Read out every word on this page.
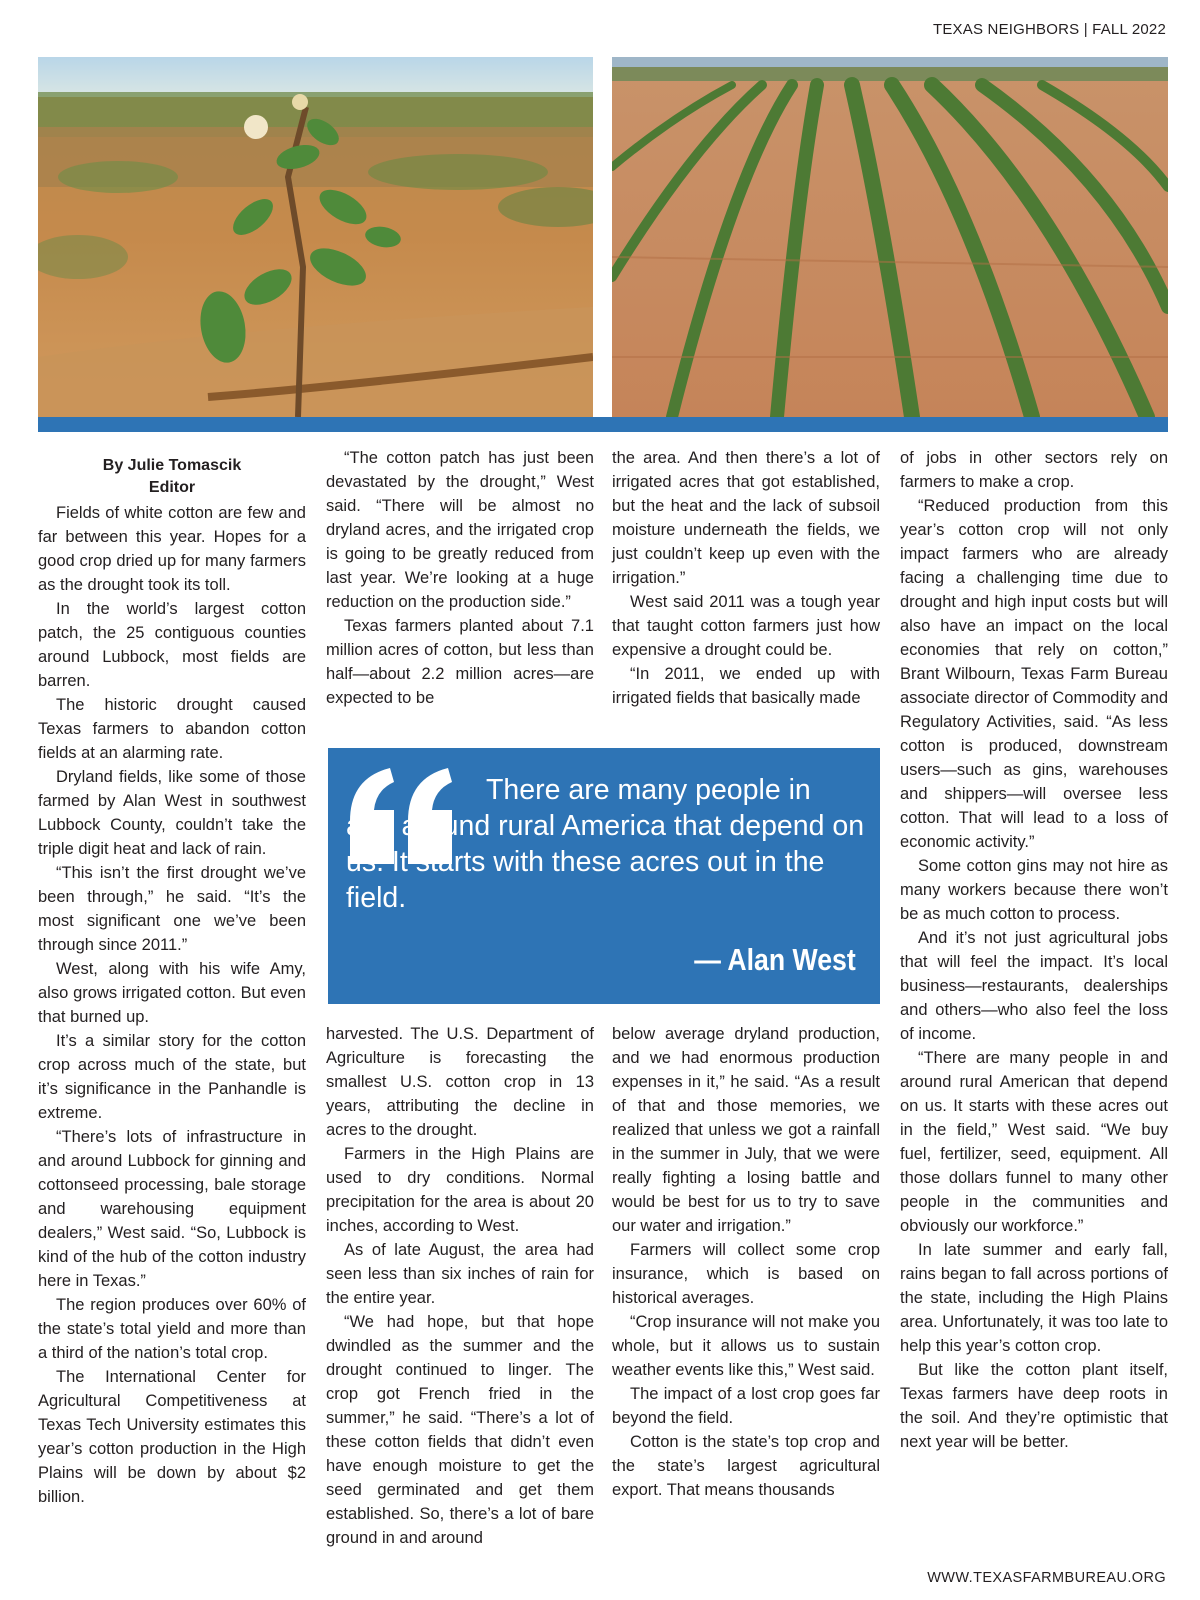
TEXAS NEIGHBORS | FALL 2022
By Julie Tomascik
Editor

Fields of white cotton are few and far between this year. Hopes for a good crop dried up for many farmers as the drought took its toll.

In the world’s largest cotton patch, the 25 contiguous counties around Lubbock, most fields are barren.

The historic drought caused Texas farmers to abandon cotton fields at an alarming rate.

Dryland fields, like some of those farmed by Alan West in southwest Lubbock County, couldn’t take the triple digit heat and lack of rain.

“This isn’t the first drought we’ve been through,” he said. “It’s the most significant one we’ve been through since 2011.”

West, along with his wife Amy, also grows irrigated cotton. But even that burned up.

It’s a similar story for the cotton crop across much of the state, but it’s significance in the Panhandle is extreme.

“There’s lots of infrastructure in and around Lubbock for ginning and cottonseed processing, bale storage and warehousing equipment dealers,” West said. “So, Lubbock is kind of the hub of the cotton industry here in Texas.”

The region produces over 60% of the state’s total yield and more than a third of the nation’s total crop.

The International Center for Agricultural Competitiveness at Texas Tech University estimates this year’s cotton production in the High Plains will be down by about $2 billion.

“The cotton patch has just been devastated by the drought,” West said. “There will be almost no dryland acres, and the irrigated crop is going to be greatly reduced from last year. We’re looking at a huge reduction on the production side.”

Texas farmers planted about 7.1 million acres of cotton, but less than half—about 2.2 million acres—are expected to be

the area. And then there’s a lot of irrigated acres that got established, but the heat and the lack of subsoil moisture underneath the fields, we just couldn’t keep up even with the irrigation.”

West said 2011 was a tough year that taught cotton farmers just how expensive a drought could be.

“In 2011, we ended up with irrigated fields that basically made

There are many people in and around rural America that depend on us. It starts with these acres out in the field.
— Alan West

harvested. The U.S. Department of Agriculture is forecasting the smallest U.S. cotton crop in 13 years, attributing the decline in acres to the drought.

Farmers in the High Plains are used to dry conditions. Normal precipitation for the area is about 20 inches, according to West.

As of late August, the area had seen less than six inches of rain for the entire year.

“We had hope, but that hope dwindled as the summer and the drought continued to linger. The crop got French fried in the summer,” he said. “There’s a lot of these cotton fields that didn’t even have enough moisture to get the seed germinated and get them established. So, there’s a lot of bare ground in and around

below average dryland production, and we had enormous production expenses in it,” he said. “As a result of that and those memories, we realized that unless we got a rainfall in the summer in July, that we were really fighting a losing battle and would be best for us to try to save our water and irrigation.”

Farmers will collect some crop insurance, which is based on historical averages.

“Crop insurance will not make you whole, but it allows us to sustain weather events like this,” West said.

The impact of a lost crop goes far beyond the field.

Cotton is the state’s top crop and the state’s largest agricultural export. That means thousands

of jobs in other sectors rely on farmers to make a crop.

“Reduced production from this year’s cotton crop will not only impact farmers who are already facing a challenging time due to drought and high input costs but will also have an impact on the local economies that rely on cotton,” Brant Wilbourn, Texas Farm Bureau associate director of Commodity and Regulatory Activities, said. “As less cotton is produced, downstream users—such as gins, warehouses and shippers—will oversee less cotton. That will lead to a loss of economic activity.”

Some cotton gins may not hire as many workers because there won’t be as much cotton to process.

And it’s not just agricultural jobs that will feel the impact. It’s local business—restaurants, dealerships and others—who also feel the loss of income.

“There are many people in and around rural American that depend on us. It starts with these acres out in the field,” West said. “We buy fuel, fertilizer, seed, equipment. All those dollars funnel to many other people in the communities and obviously our workforce.”

In late summer and early fall, rains began to fall across portions of the state, including the High Plains area. Unfortunately, it was too late to help this year’s cotton crop.

But like the cotton plant itself, Texas farmers have deep roots in the soil. And they’re optimistic that next year will be better.

WWW.TEXASFARMBUREAU.ORG
